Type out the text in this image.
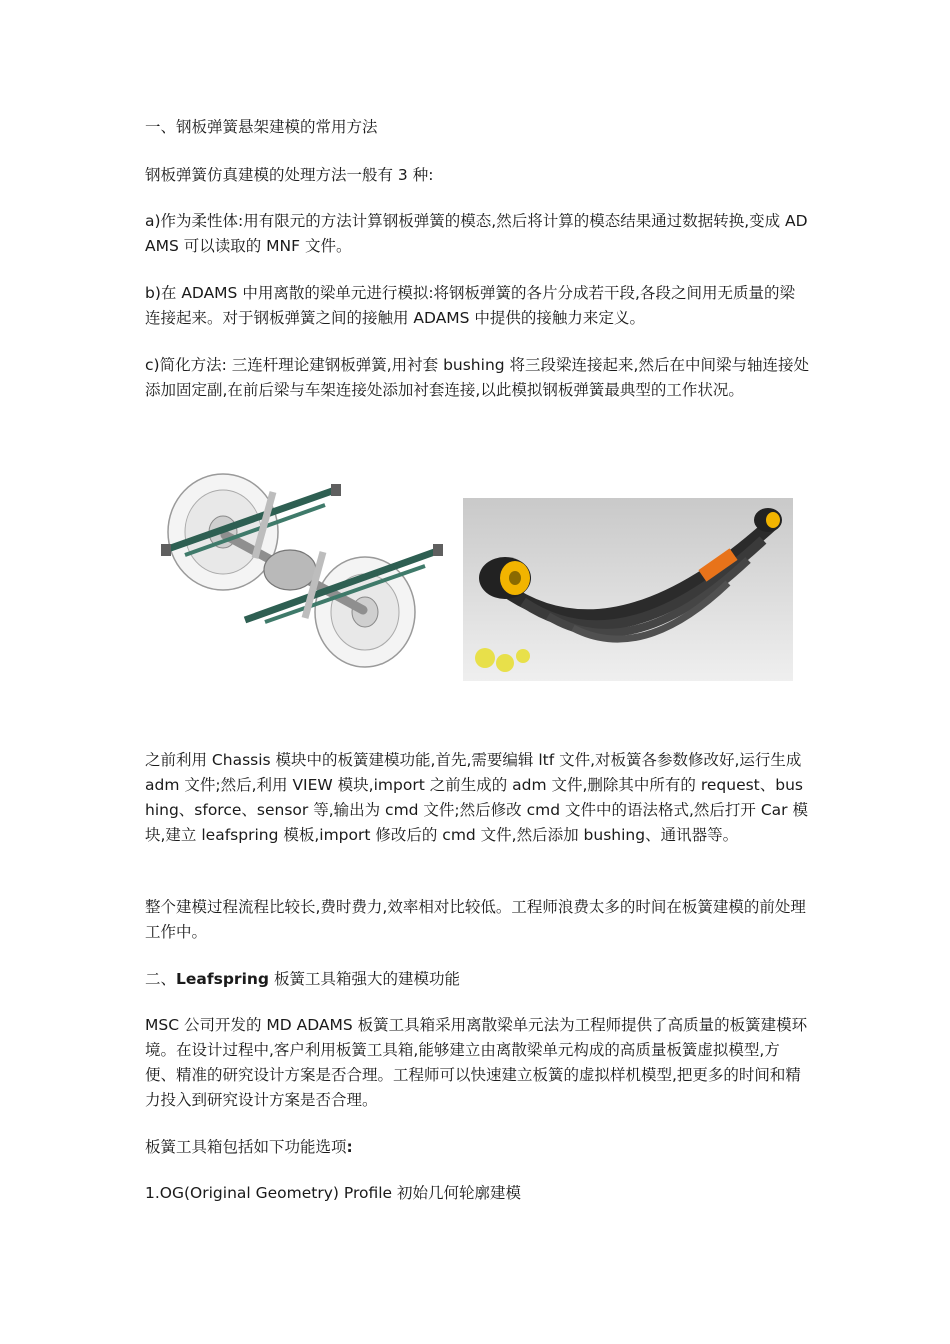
一、钢板弹簧悬架建模的常用方法

钢板弹簧仿真建模的处理方法一般有 3 种:

a)作为柔性体:用有限元的方法计算钢板弹簧的模态,然后将计算的模态结果通过数据转换,变成 ADAMS 可以读取的 MNF 文件。

b)在 ADAMS 中用离散的梁单元进行模拟:将钢板弹簧的各片分成若干段,各段之间用无质量的梁连接起来。对于钢板弹簧之间的接触用 ADAMS 中提供的接触力来定义。

c)简化方法: 三连杆理论建钢板弹簧,用衬套 bushing 将三段梁连接起来,然后在中间梁与轴连接处添加固定副,在前后梁与车架连接处添加衬套连接,以此模拟钢板弹簧最典型的工作状况。

之前利用 Chassis 模块中的板簧建模功能,首先,需要编辑 ltf 文件,对板簧各参数修改好,运行生成 adm 文件;然后,利用 VIEW 模块,import 之前生成的 adm 文件,删除其中所有的 request、bushing、sforce、sensor 等,输出为 cmd 文件;然后修改 cmd 文件中的语法格式,然后打开 Car 模块,建立 leafspring 模板,import 修改后的 cmd 文件,然后添加 bushing、通讯器等。

整个建模过程流程比较长,费时费力,效率相对比较低。工程师浪费太多的时间在板簧建模的前处理工作中。

二、Leafspring 板簧工具箱强大的建模功能

MSC 公司开发的 MD ADAMS 板簧工具箱采用离散梁单元法为工程师提供了高质量的板簧建模环境。在设计过程中,客户利用板簧工具箱,能够建立由离散梁单元构成的高质量板簧虚拟模型,方便、精准的研究设计方案是否合理。工程师可以快速建立板簧的虚拟样机模型,把更多的时间和精力投入到研究设计方案是否合理。

板簧工具箱包括如下功能选项:

1.OG(Original Geometry) Profile 初始几何轮廓建模
